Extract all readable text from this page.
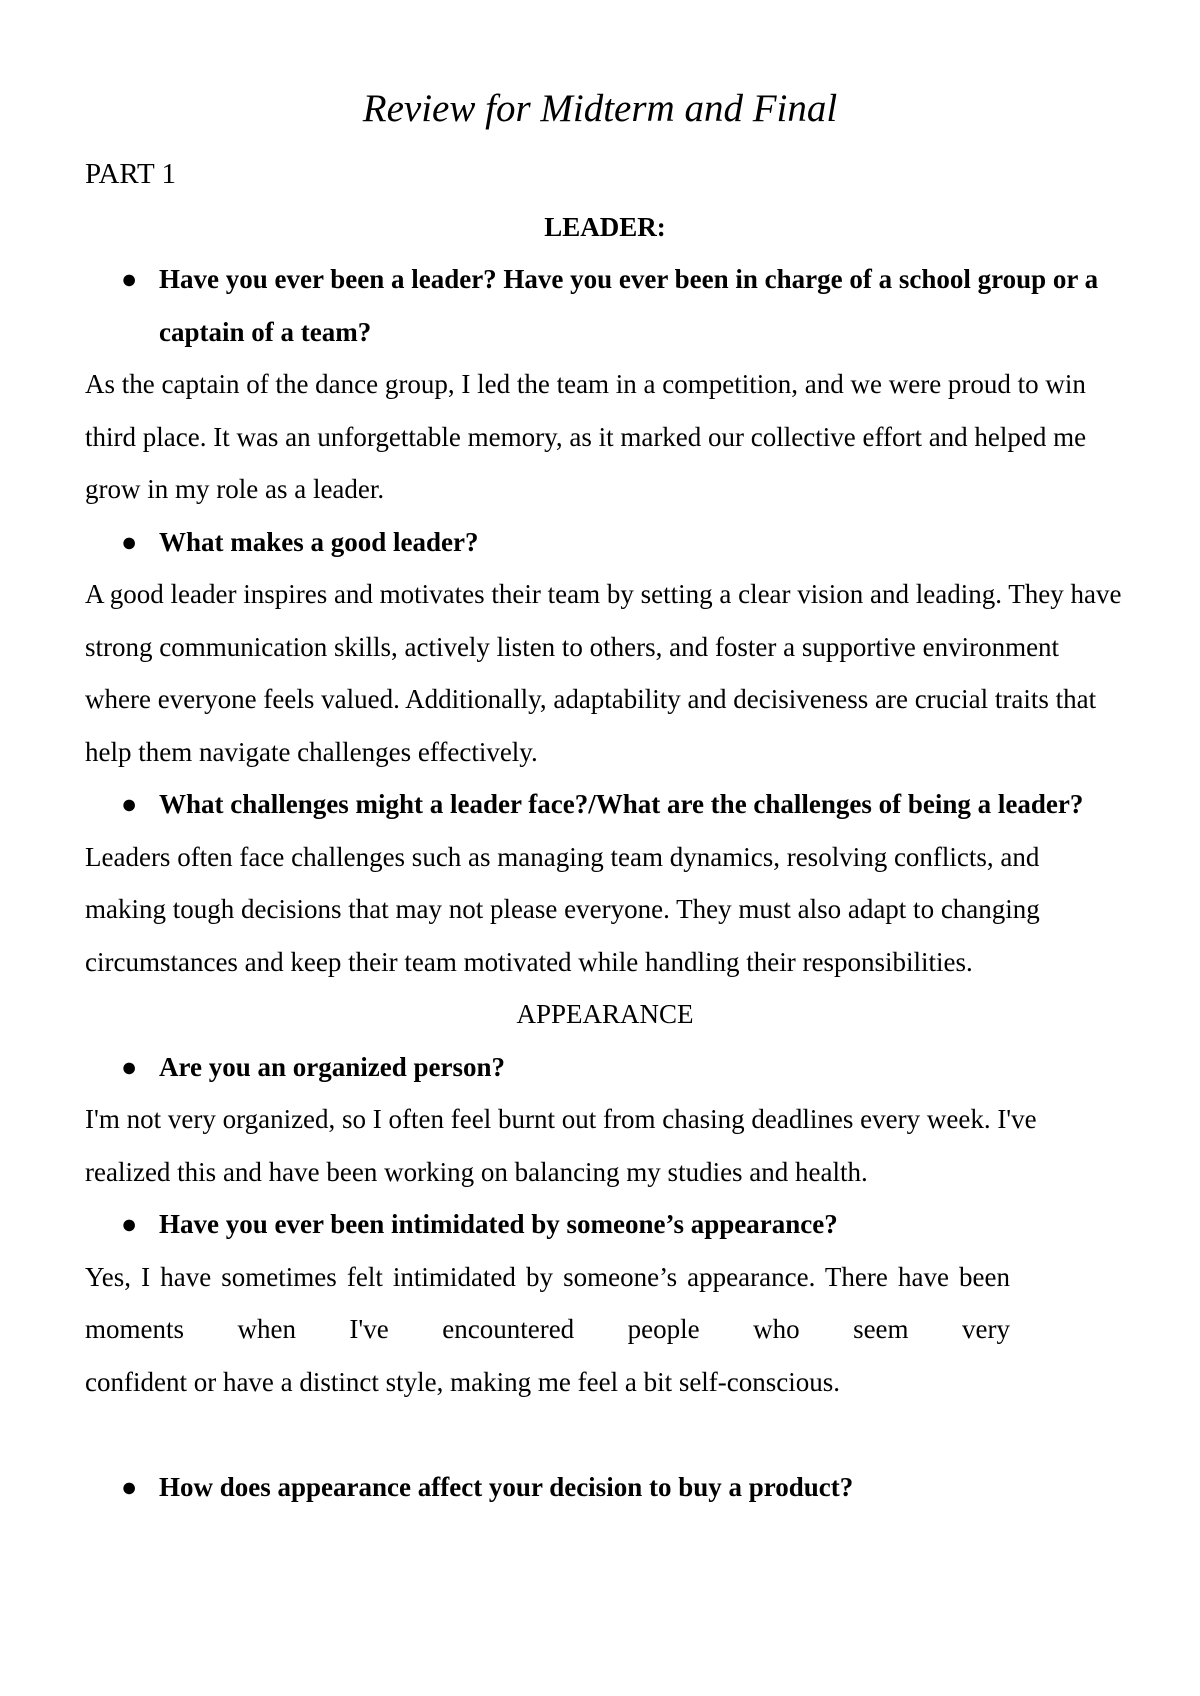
Review for Midterm and Final

PART 1

LEADER:

● Have you ever been a leader? Have you ever been in charge of a school group or a captain of a team?

As the captain of the dance group, I led the team in a competition, and we were proud to win third place. It was an unforgettable memory, as it marked our collective effort and helped me grow in my role as a leader.

● What makes a good leader?

A good leader inspires and motivates their team by setting a clear vision and leading. They have strong communication skills, actively listen to others, and foster a supportive environment where everyone feels valued. Additionally, adaptability and decisiveness are crucial traits that help them navigate challenges effectively.

● What challenges might a leader face?/What are the challenges of being a leader?

Leaders often face challenges such as managing team dynamics, resolving conflicts, and making tough decisions that may not please everyone. They must also adapt to changing circumstances and keep their team motivated while handling their responsibilities.

APPEARANCE

● Are you an organized person?

I'm not very organized, so I often feel burnt out from chasing deadlines every week. I've realized this and have been working on balancing my studies and health.

● Have you ever been intimidated by someone’s appearance?
Yes, I have sometimes felt intimidated by someone’s appearance. There have been moments when I've encountered people who seem very
confident or have a distinct style, making me feel a bit self-conscious.
● How does appearance affect your decision to buy a product?
